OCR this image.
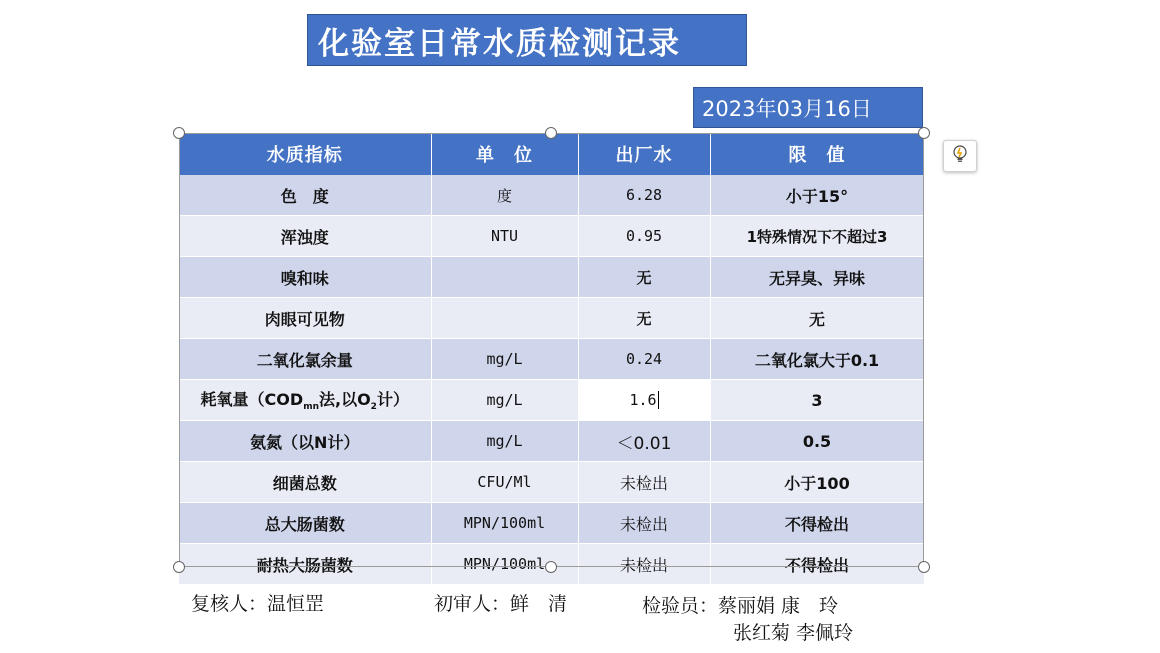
化验室日常水质检测记录
2023年03月16日
水质指标	单　位	出厂水	限　值
色　度	度	6.28	小于15°
浑浊度	NTU	0.95	1特殊情况下不超过3
嗅和味		无	无异臭、异味
肉眼可见物		无	无
二氧化氯余量	mg/L	0.24	二氧化氯大于0.1
耗氧量（$COD_{mn}$法,以$O_2$计）	mg/L	1.6	3
氨氮（以N计）	mg/L	＜0.01	0.5
细菌总数	CFU/Ml	未检出	小于100
总大肠菌数	MPN/100ml	未检出	不得检出
耐热大肠菌数	MPN/100ml	未检出	不得检出
复核人：温恒罡	初审人：鲜　清	检验员：蔡丽娟 康　玲
张红菊 李佩玲
